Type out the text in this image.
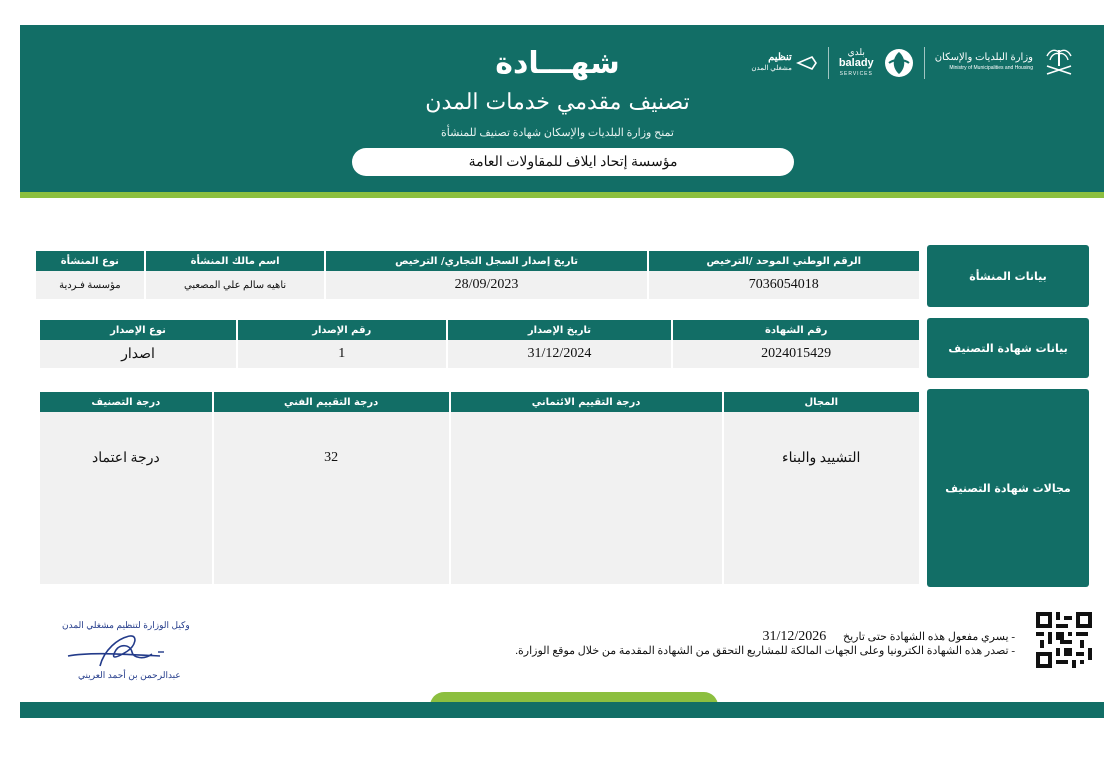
شهـــادة
تصنيف مقدمي خدمات المدن
تمنح وزارة البلديات والإسكان شهادة تصنيف للمنشأة
مؤسسة إتحاد ايلاف للمقاولات العامة
تنظيم
مشغلي المدن
بلدي
balady
SERVICES
وزارة البلديات والإسكان
Ministry of Municipalities and Housing
بيانات المنشأة
الرقم الوطني الموحد /الترخيص	تاريخ إصدار السجل التجاري/ الترخيص	اسم مالك المنشأة	نوع المنشأة
7036054018	28/09/2023	ناهيه سالم علي المصعبي	مؤسسة فـردية
بيانات شهادة التصنيف
رقم الشهادة	تاريخ الإصدار	رقم الإصدار	نوع الإصدار
2024015429	31/12/2024	1	اصدار
مجالات شهادة التصنيف
المجال	درجة التقييم الائتماني	درجة التقييم الفني	درجة التصنيف
التشييد والبناء		32	درجة اعتماد
- يسري مفعول هذه الشهادة حتى تاريخ 31/12/2026
- تصدر هذه الشهادة الكترونيا وعلى الجهات المالكة للمشاريع التحقق من الشهادة المقدمة من خلال موقع الوزارة.
وكيل الوزارة لتنظيم مشغلي المدن
عبدالرحمن بن أحمد العريني
